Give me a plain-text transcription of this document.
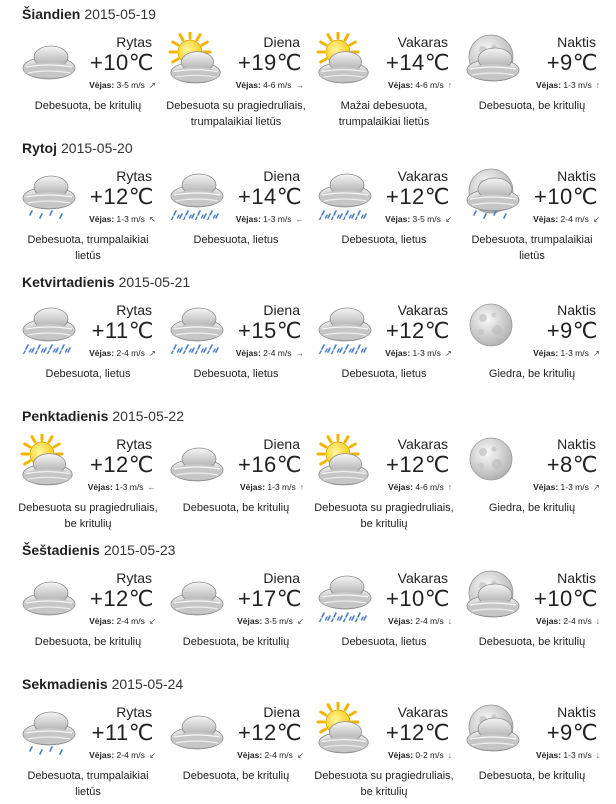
Šiandien 2015-05-19
Rytas
+10℃
Vėjas: 3-5 m/s ↗
Debesuota, be kritulių
Diena
+19℃
Vėjas: 4-6 m/s →
Debesuota su pragiedruliais, trumpalaikiai lietūs
Vakaras
+14℃
Vėjas: 4-6 m/s ↑
Mažai debesuota, trumpalaikiai lietūs
Naktis
+9℃
Vėjas: 1-3 m/s ↑
Debesuota, be kritulių
Rytoj 2015-05-20
Rytas
+12℃
Vėjas: 1-3 m/s ↖
Debesuota, trumpalaikiai lietūs
Diena
+14℃
Vėjas: 1-3 m/s ←
Debesuota, lietus
Vakaras
+12℃
Vėjas: 3-5 m/s ↙
Debesuota, lietus
Naktis
+10℃
Vėjas: 2-4 m/s ↙
Debesuota, trumpalaikiai lietūs
Ketvirtadienis 2015-05-21
Rytas
+11℃
Vėjas: 2-4 m/s ↗
Debesuota, lietus
Diena
+15℃
Vėjas: 2-4 m/s →
Debesuota, lietus
Vakaras
+12℃
Vėjas: 1-3 m/s ↗
Debesuota, lietus
Naktis
+9℃
Vėjas: 1-3 m/s ↗
Giedra, be kritulių
Penktadienis 2015-05-22
Rytas
+12℃
Vėjas: 1-3 m/s ←
Debesuota su pragiedruliais, be kritulių
Diena
+16℃
Vėjas: 1-3 m/s ↑
Debesuota, be kritulių
Vakaras
+12℃
Vėjas: 4-6 m/s ↑
Debesuota su pragiedruliais, be kritulių
Naktis
+8℃
Vėjas: 1-3 m/s ↗
Giedra, be kritulių
Šeštadienis 2015-05-23
Rytas
+12℃
Vėjas: 2-4 m/s ↙
Debesuota, be kritulių
Diena
+17℃
Vėjas: 3-5 m/s ↙
Debesuota, be kritulių
Vakaras
+10℃
Vėjas: 2-4 m/s ↓
Debesuota, lietus
Naktis
+10℃
Vėjas: 2-4 m/s ↓
Debesuota, be kritulių
Sekmadienis 2015-05-24
Rytas
+11℃
Vėjas: 2-4 m/s ↙
Debesuota, trumpalaikiai lietūs
Diena
+12℃
Vėjas: 2-4 m/s ↙
Debesuota, be kritulių
Vakaras
+12℃
Vėjas: 0-2 m/s ↓
Debesuota su pragiedruliais, be kritulių
Naktis
+9℃
Vėjas: 1-3 m/s ↓
Debesuota, be kritulių
